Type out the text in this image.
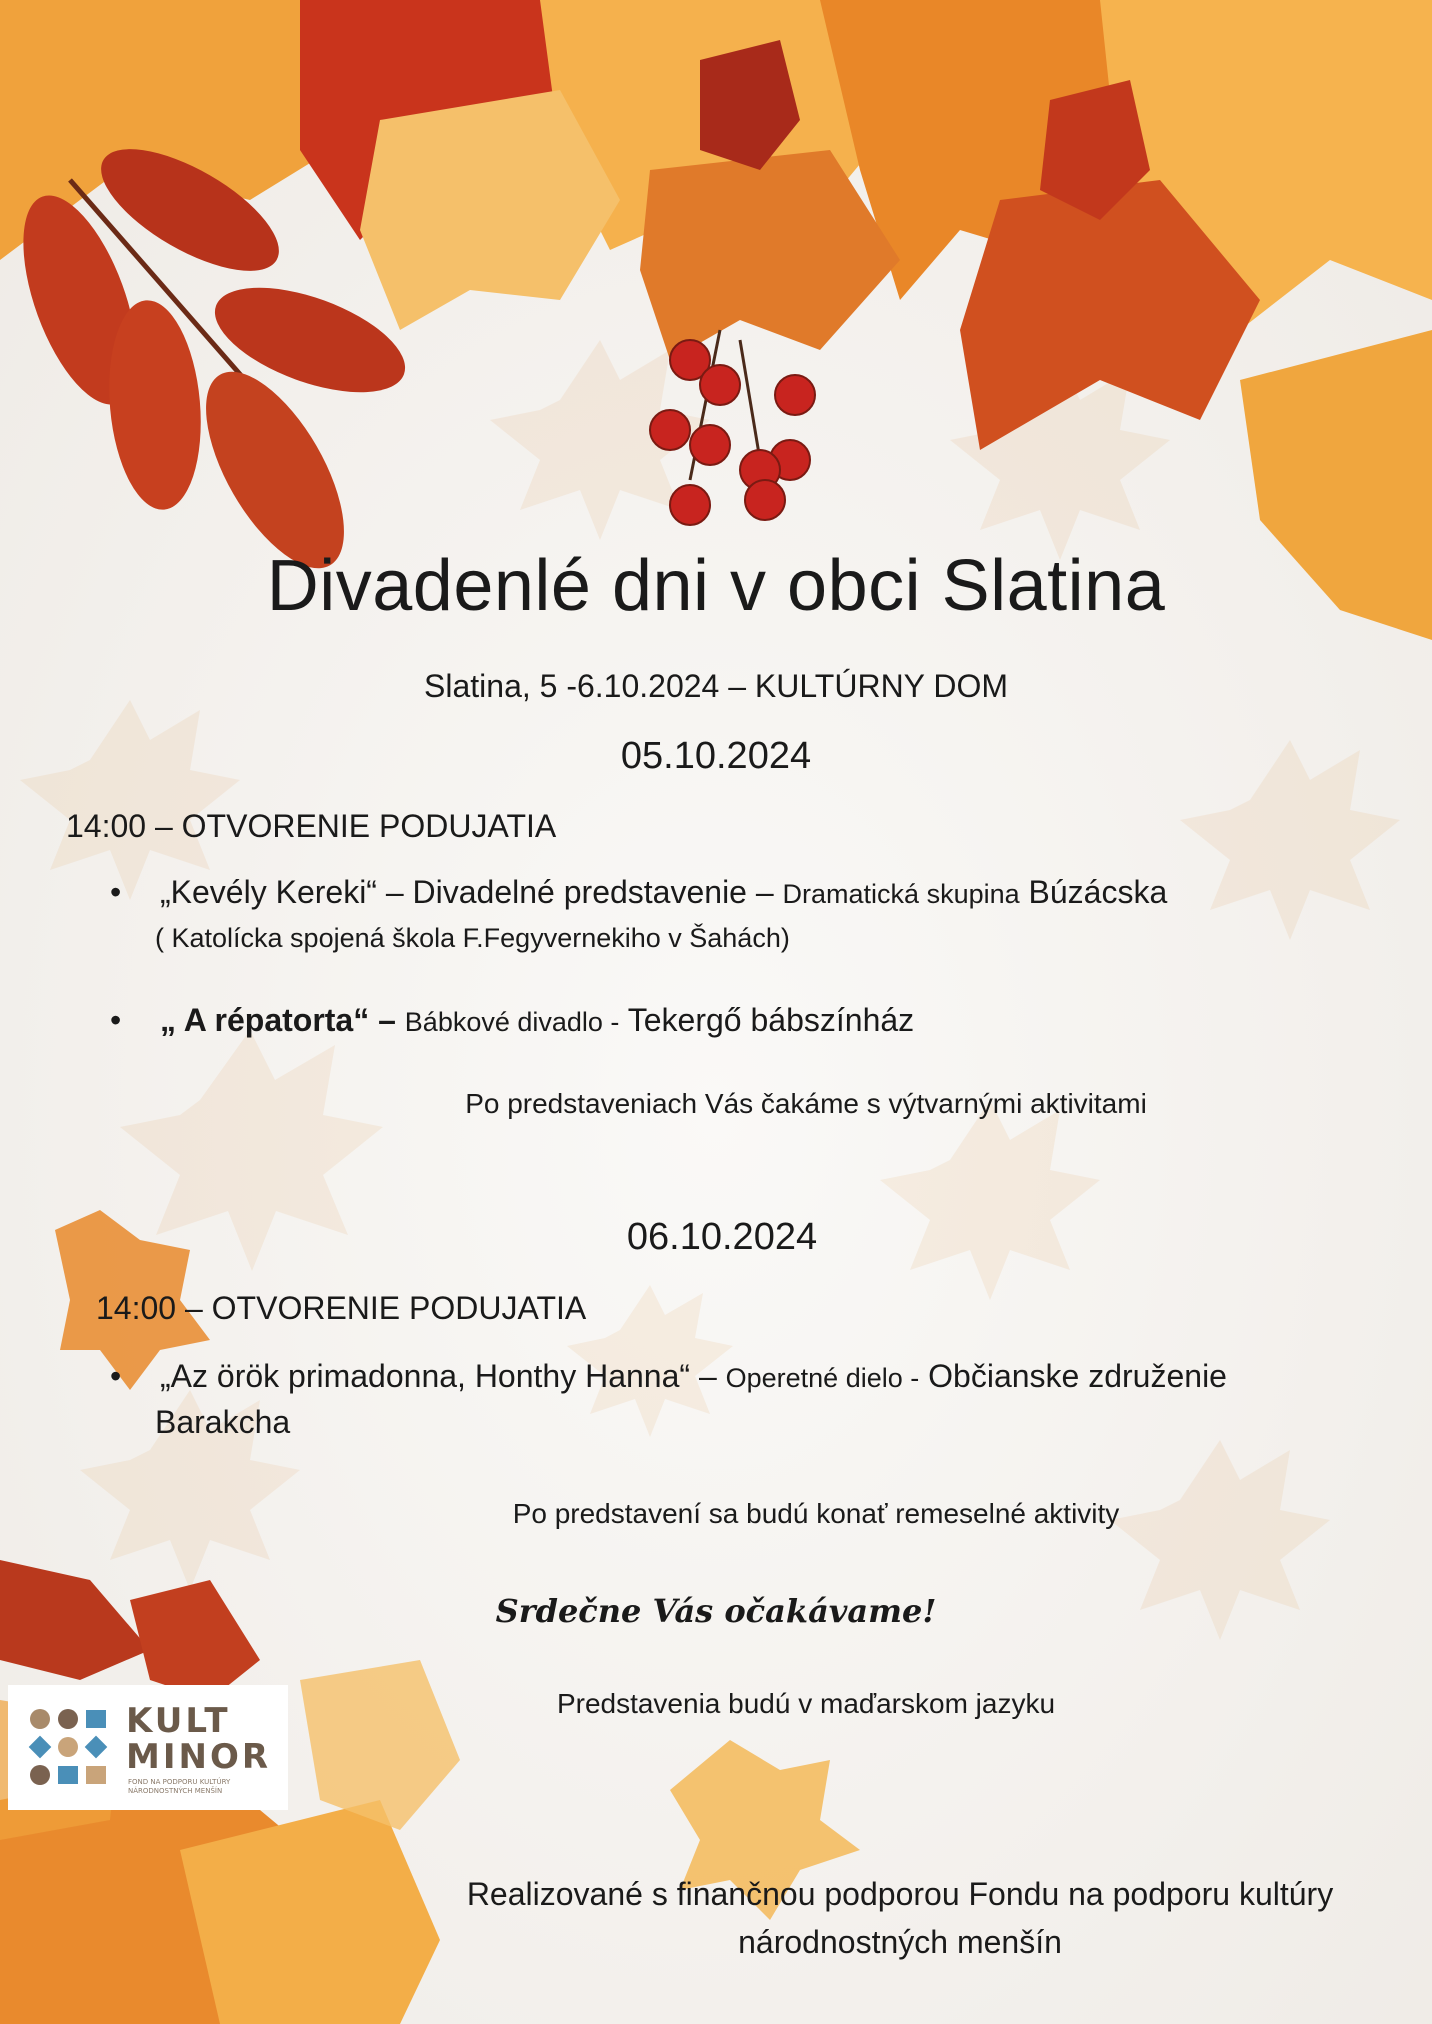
Divadenlé dni v obci Slatina
Slatina, 5 -6.10.2024 – KULTÚRNY DOM
05.10.2024
14:00 – OTVORENIE PODUJATIA
• „Kevély Kereki“ – Divadelné predstavenie – Dramatická skupina Búzácska
( Katolícka spojená škola F.Fegyvernekiho v Šahách)
• „ A répatorta“ – Bábkové divadlo - Tekergő bábszínház
Po predstaveniach Vás čakáme s výtvarnými aktivitami
06.10.2024
14:00 – OTVORENIE PODUJATIA
• „Az örök primadonna, Honthy Hanna“ – Operetné dielo - Občianske združenie
Barakcha
Po predstavení sa budú konať remeselné aktivity
Srdečne Vás očakávame!
Predstavenia budú v maďarskom jazyku
Realizované s finančnou podporou Fondu na podporu kultúry
národnostných menšín
KULT
MINOR
FOND NA PODPORU KULTÚRY
NÁRODNOSTNÝCH MENŠÍN
